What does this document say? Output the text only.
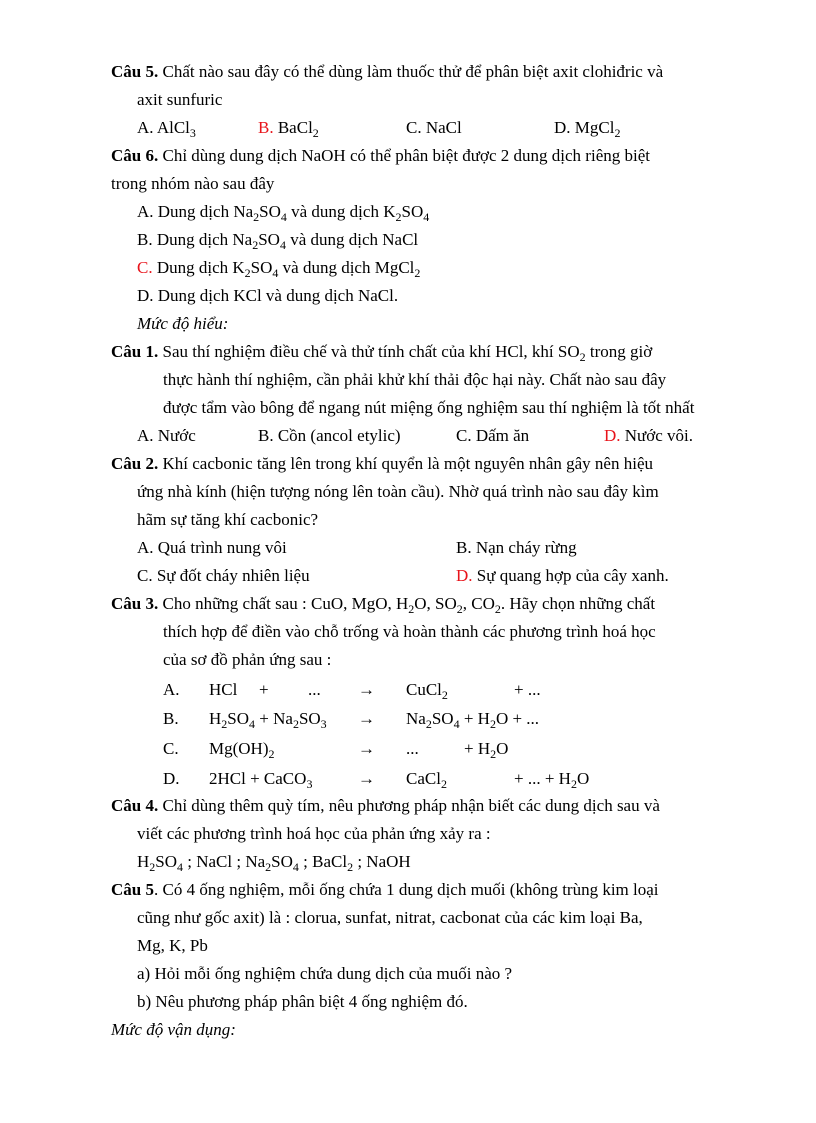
Câu 5. Chất nào sau đây có thể dùng làm thuốc thử để phân biệt axit clohiđric và
axit sunfuric
A. AlCl$_3$	B. BaCl$_2$	C. NaCl	D. MgCl$_2$
Câu 6. Chỉ dùng dung dịch NaOH có thể phân biệt được 2 dung dịch riêng biệt
trong nhóm nào sau đây
A. Dung dịch $Na_2SO_4$ và dung dịch $K_2SO_4$
B. Dung dịch $Na_2SO_4$ và dung dịch NaCl
C. Dung dịch $K_2SO_4$ và dung dịch MgCl$_2$
D. Dung dịch KCl và dung dịch NaCl.
Mức độ hiểu:
Câu 1. Sau thí nghiệm điều chế và thử tính chất của khí HCl, khí $SO_2$ trong giờ
thực hành thí nghiệm, cần phải khử khí thải độc hại này. Chất nào sau đây
được tẩm vào bông để ngang nút miệng ống nghiệm sau thí nghiệm là tốt nhất
A. Nước	B. Cồn (ancol etylic)	C. Dấm ăn	D. Nước vôi.
Câu 2. Khí cacbonic tăng lên trong khí quyển là một nguyên nhân gây nên hiệu
ứng nhà kính (hiện tượng nóng lên toàn cầu). Nhờ quá trình nào sau đây kìm
hãm sự tăng khí cacbonic?
A. Quá trình nung vôi	B. Nạn cháy rừng
C. Sự đốt cháy nhiên liệu	D. Sự quang hợp của cây xanh.
Câu 3. Cho những chất sau : CuO, MgO, $H_2O$, $SO_2$, $CO_2$. Hãy chọn những chất
thích hợp để điền vào chỗ trống và hoàn thành các phương trình hoá học
của sơ đồ phản ứng sau :
A. HCl + ... → CuCl$_2$	+ ...
B. $H_2SO_4 + Na_2SO_3 \to Na_2SO_4 + H_2O$ + ...
C. $Mg(OH)_2$	→ ...	+ $H_2O$
D. 2HCl + CaCO$_3$	→ CaCl$_2$	+ ... + $H_2O$
Câu 4. Chỉ dùng thêm quỳ tím, nêu phương pháp nhận biết các dung dịch sau và
viết các phương trình hoá học của phản ứng xảy ra :
$H_2SO_4$ ; NaCl ; $Na_2SO_4$ ; BaCl$_2$ ; NaOH
Câu 5. Có 4 ống nghiệm, mỗi ống chứa 1 dung dịch muối (không trùng kim loại
cũng như gốc axit) là : clorua, sunfat, nitrat, cacbonat của các kim loại Ba,
Mg, K, Pb
a) Hỏi mỗi ống nghiệm chứa dung dịch của muối nào ?
b) Nêu phương pháp phân biệt 4 ống nghiệm đó.
Mức độ vận dụng:
